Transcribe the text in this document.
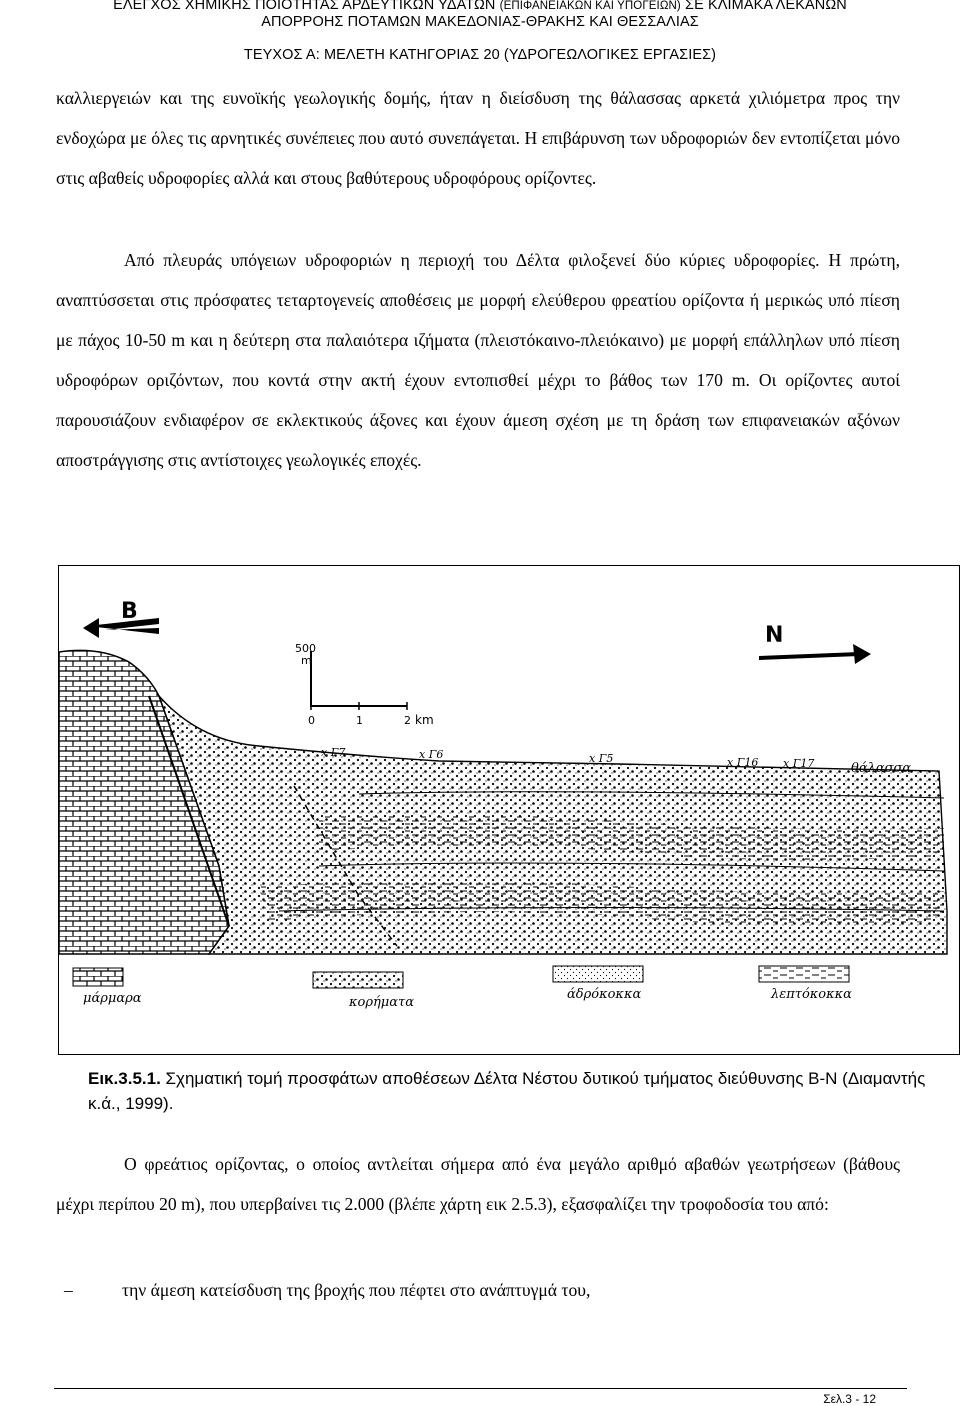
ΕΛΕΓΧΟΣ ΧΗΜΙΚΗΣ ΠΟΙΟΤΗΤΑΣ ΑΡΔΕΥΤΙΚΩΝ ΥΔΑΤΩΝ (ΕΠΙΦΑΝΕΙΑΚΩΝ ΚΑΙ ΥΠΟΓΕΙΩΝ) ΣΕ ΚΛΙΜΑΚΑ ΛΕΚΑΝΩΝ
ΑΠΟΡΡΟΗΣ ΠΟΤΑΜΩΝ ΜΑΚΕΔΟΝΙΑΣ-ΘΡΑΚΗΣ ΚΑΙ ΘΕΣΣΑΛΙΑΣ
ΤΕΥΧΟΣ Α: ΜΕΛΕΤΗ ΚΑΤΗΓΟΡΙΑΣ 20 (ΥΔΡΟΓΕΩΛΟΓΙΚΕΣ ΕΡΓΑΣΙΕΣ)
καλλιεργειών και της ευνοϊκής γεωλογικής δομής, ήταν η διείσδυση της θάλασσας αρκετά χιλιόμετρα προς την ενδοχώρα με όλες τις αρνητικές συνέπειες που αυτό συνεπάγεται. Η επιβάρυνση των υδροφοριών δεν εντοπίζεται μόνο στις αβαθείς υδροφορίες αλλά και στους βαθύτερους υδροφόρους ορίζοντες.
Από πλευράς υπόγειων υδροφοριών η περιοχή του Δέλτα φιλοξενεί δύο κύριες υδροφορίες. Η πρώτη, αναπτύσσεται στις πρόσφατες τεταρτογενείς αποθέσεις με μορφή ελεύθερου φρεατίου ορίζοντα ή μερικώς υπό πίεση με πάχος 10-50 m και η δεύτερη στα παλαιότερα ιζήματα (πλειστόκαινο-πλειόκαινο) με μορφή επάλληλων υπό πίεση υδροφόρων οριζόντων, που κοντά στην ακτή έχουν εντοπισθεί μέχρι το βάθος των 170 m. Οι ορίζοντες αυτοί παρουσιάζουν ενδιαφέρον σε εκλεκτικούς άξονες και έχουν άμεση σχέση με τη δράση των επιφανειακών αξόνων αποστράγγισης στις αντίστοιχες γεωλογικές εποχές.
Β
Ν
500
m
0	1	2 km
x Γ7	x Γ6	x Γ5	x Γ16 x Γ17	θάλασσα
μάρμαρα	κορήματα
άδρόκοκκα	λεπτόκοκκα
Εικ.3.5.1. Σχηματική τομή προσφάτων αποθέσεων Δέλτα Νέστου δυτικού τμήματος διεύθυνσης Β-Ν (Διαμαντής κ.ά., 1999).
Ο φρεάτιος ορίζοντας, ο οποίος αντλείται σήμερα από ένα μεγάλο αριθμό αβαθών γεωτρήσεων (βάθους μέχρι περίπου 20 m), που υπερβαίνει τις 2.000 (βλέπε χάρτη εικ 2.5.3), εξασφαλίζει την τροφοδοσία του από:
–	την άμεση κατείσδυση της βροχής που πέφτει στο ανάπτυγμά του,
Σελ.3 - 12
